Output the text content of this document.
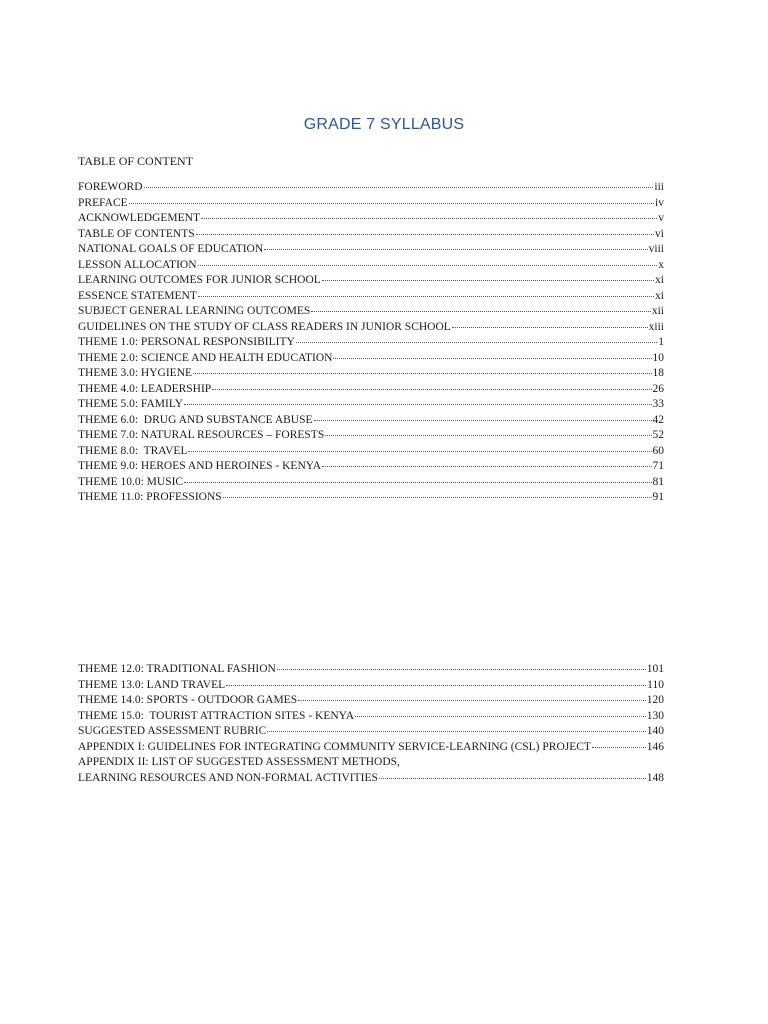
GRADE 7 SYLLABUS
TABLE OF CONTENT
FOREWORD	iii
PREFACE	iv
ACKNOWLEDGEMENT	v
TABLE OF CONTENTS	vi
NATIONAL GOALS OF EDUCATION	viii
LESSON ALLOCATION	x
LEARNING OUTCOMES FOR JUNIOR SCHOOL	xi
ESSENCE STATEMENT	xi
SUBJECT GENERAL LEARNING OUTCOMES	xii
GUIDELINES ON THE STUDY OF CLASS READERS IN JUNIOR SCHOOL	xiii
THEME 1.0: PERSONAL RESPONSIBILITY	1
THEME 2.0: SCIENCE AND HEALTH EDUCATION	10
THEME 3.0: HYGIENE	18
THEME 4.0: LEADERSHIP	26
THEME 5.0: FAMILY	33
THEME 6.0:  DRUG AND SUBSTANCE ABUSE	42
THEME 7.0: NATURAL RESOURCES – FORESTS	52
THEME 8.0:  TRAVEL	60
THEME 9.0: HEROES AND HEROINES - KENYA	71
THEME 10.0: MUSIC	81
THEME 11.0: PROFESSIONS	91
THEME 12.0: TRADITIONAL FASHION	101
THEME 13.0: LAND TRAVEL	110
THEME 14.0: SPORTS - OUTDOOR GAMES	120
THEME 15.0:  TOURIST ATTRACTION SITES - KENYA	130
SUGGESTED ASSESSMENT RUBRIC	140
APPENDIX I: GUIDELINES FOR INTEGRATING COMMUNITY SERVICE-LEARNING (CSL) PROJECT	146
APPENDIX II: LIST OF SUGGESTED ASSESSMENT METHODS,
LEARNING RESOURCES AND NON-FORMAL ACTIVITIES	148
